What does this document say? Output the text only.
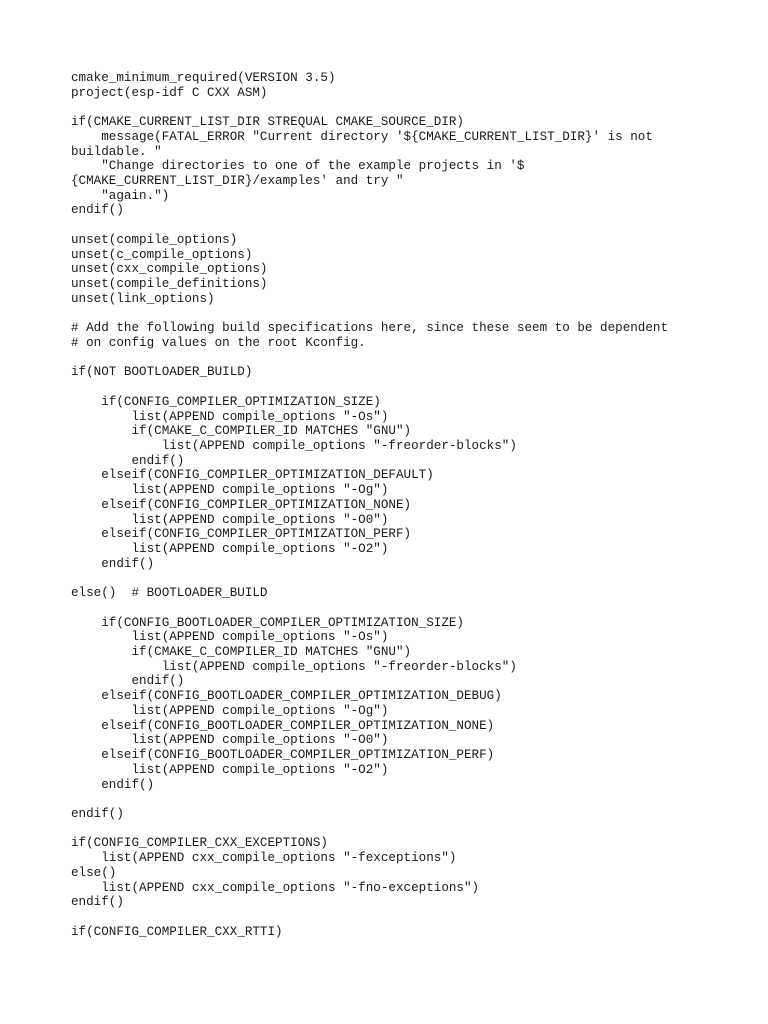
cmake_minimum_required(VERSION 3.5)
project(esp-idf C CXX ASM)
if(CMAKE_CURRENT_LIST_DIR STREQUAL CMAKE_SOURCE_DIR)
message(FATAL_ERROR "Current directory '${CMAKE_CURRENT_LIST_DIR}' is not
buildable. "
"Change directories to one of the example projects in '$
{CMAKE_CURRENT_LIST_DIR}/examples' and try "
"again.")
endif()
unset(compile_options)
unset(c_compile_options)
unset(cxx_compile_options)
unset(compile_definitions)
unset(link_options)
# Add the following build specifications here, since these seem to be dependent
# on config values on the root Kconfig.
if(NOT BOOTLOADER_BUILD)
if(CONFIG_COMPILER_OPTIMIZATION_SIZE)
list(APPEND compile_options "-Os")
if(CMAKE_C_COMPILER_ID MATCHES "GNU")
list(APPEND compile_options "-freorder-blocks")
endif()
elseif(CONFIG_COMPILER_OPTIMIZATION_DEFAULT)
list(APPEND compile_options "-Og")
elseif(CONFIG_COMPILER_OPTIMIZATION_NONE)
list(APPEND compile_options "-O0")
elseif(CONFIG_COMPILER_OPTIMIZATION_PERF)
list(APPEND compile_options "-O2")
endif()
else()  # BOOTLOADER_BUILD
if(CONFIG_BOOTLOADER_COMPILER_OPTIMIZATION_SIZE)
list(APPEND compile_options "-Os")
if(CMAKE_C_COMPILER_ID MATCHES "GNU")
list(APPEND compile_options "-freorder-blocks")
endif()
elseif(CONFIG_BOOTLOADER_COMPILER_OPTIMIZATION_DEBUG)
list(APPEND compile_options "-Og")
elseif(CONFIG_BOOTLOADER_COMPILER_OPTIMIZATION_NONE)
list(APPEND compile_options "-O0")
elseif(CONFIG_BOOTLOADER_COMPILER_OPTIMIZATION_PERF)
list(APPEND compile_options "-O2")
endif()
endif()
if(CONFIG_COMPILER_CXX_EXCEPTIONS)
list(APPEND cxx_compile_options "-fexceptions")
else()
list(APPEND cxx_compile_options "-fno-exceptions")
endif()
if(CONFIG_COMPILER_CXX_RTTI)
